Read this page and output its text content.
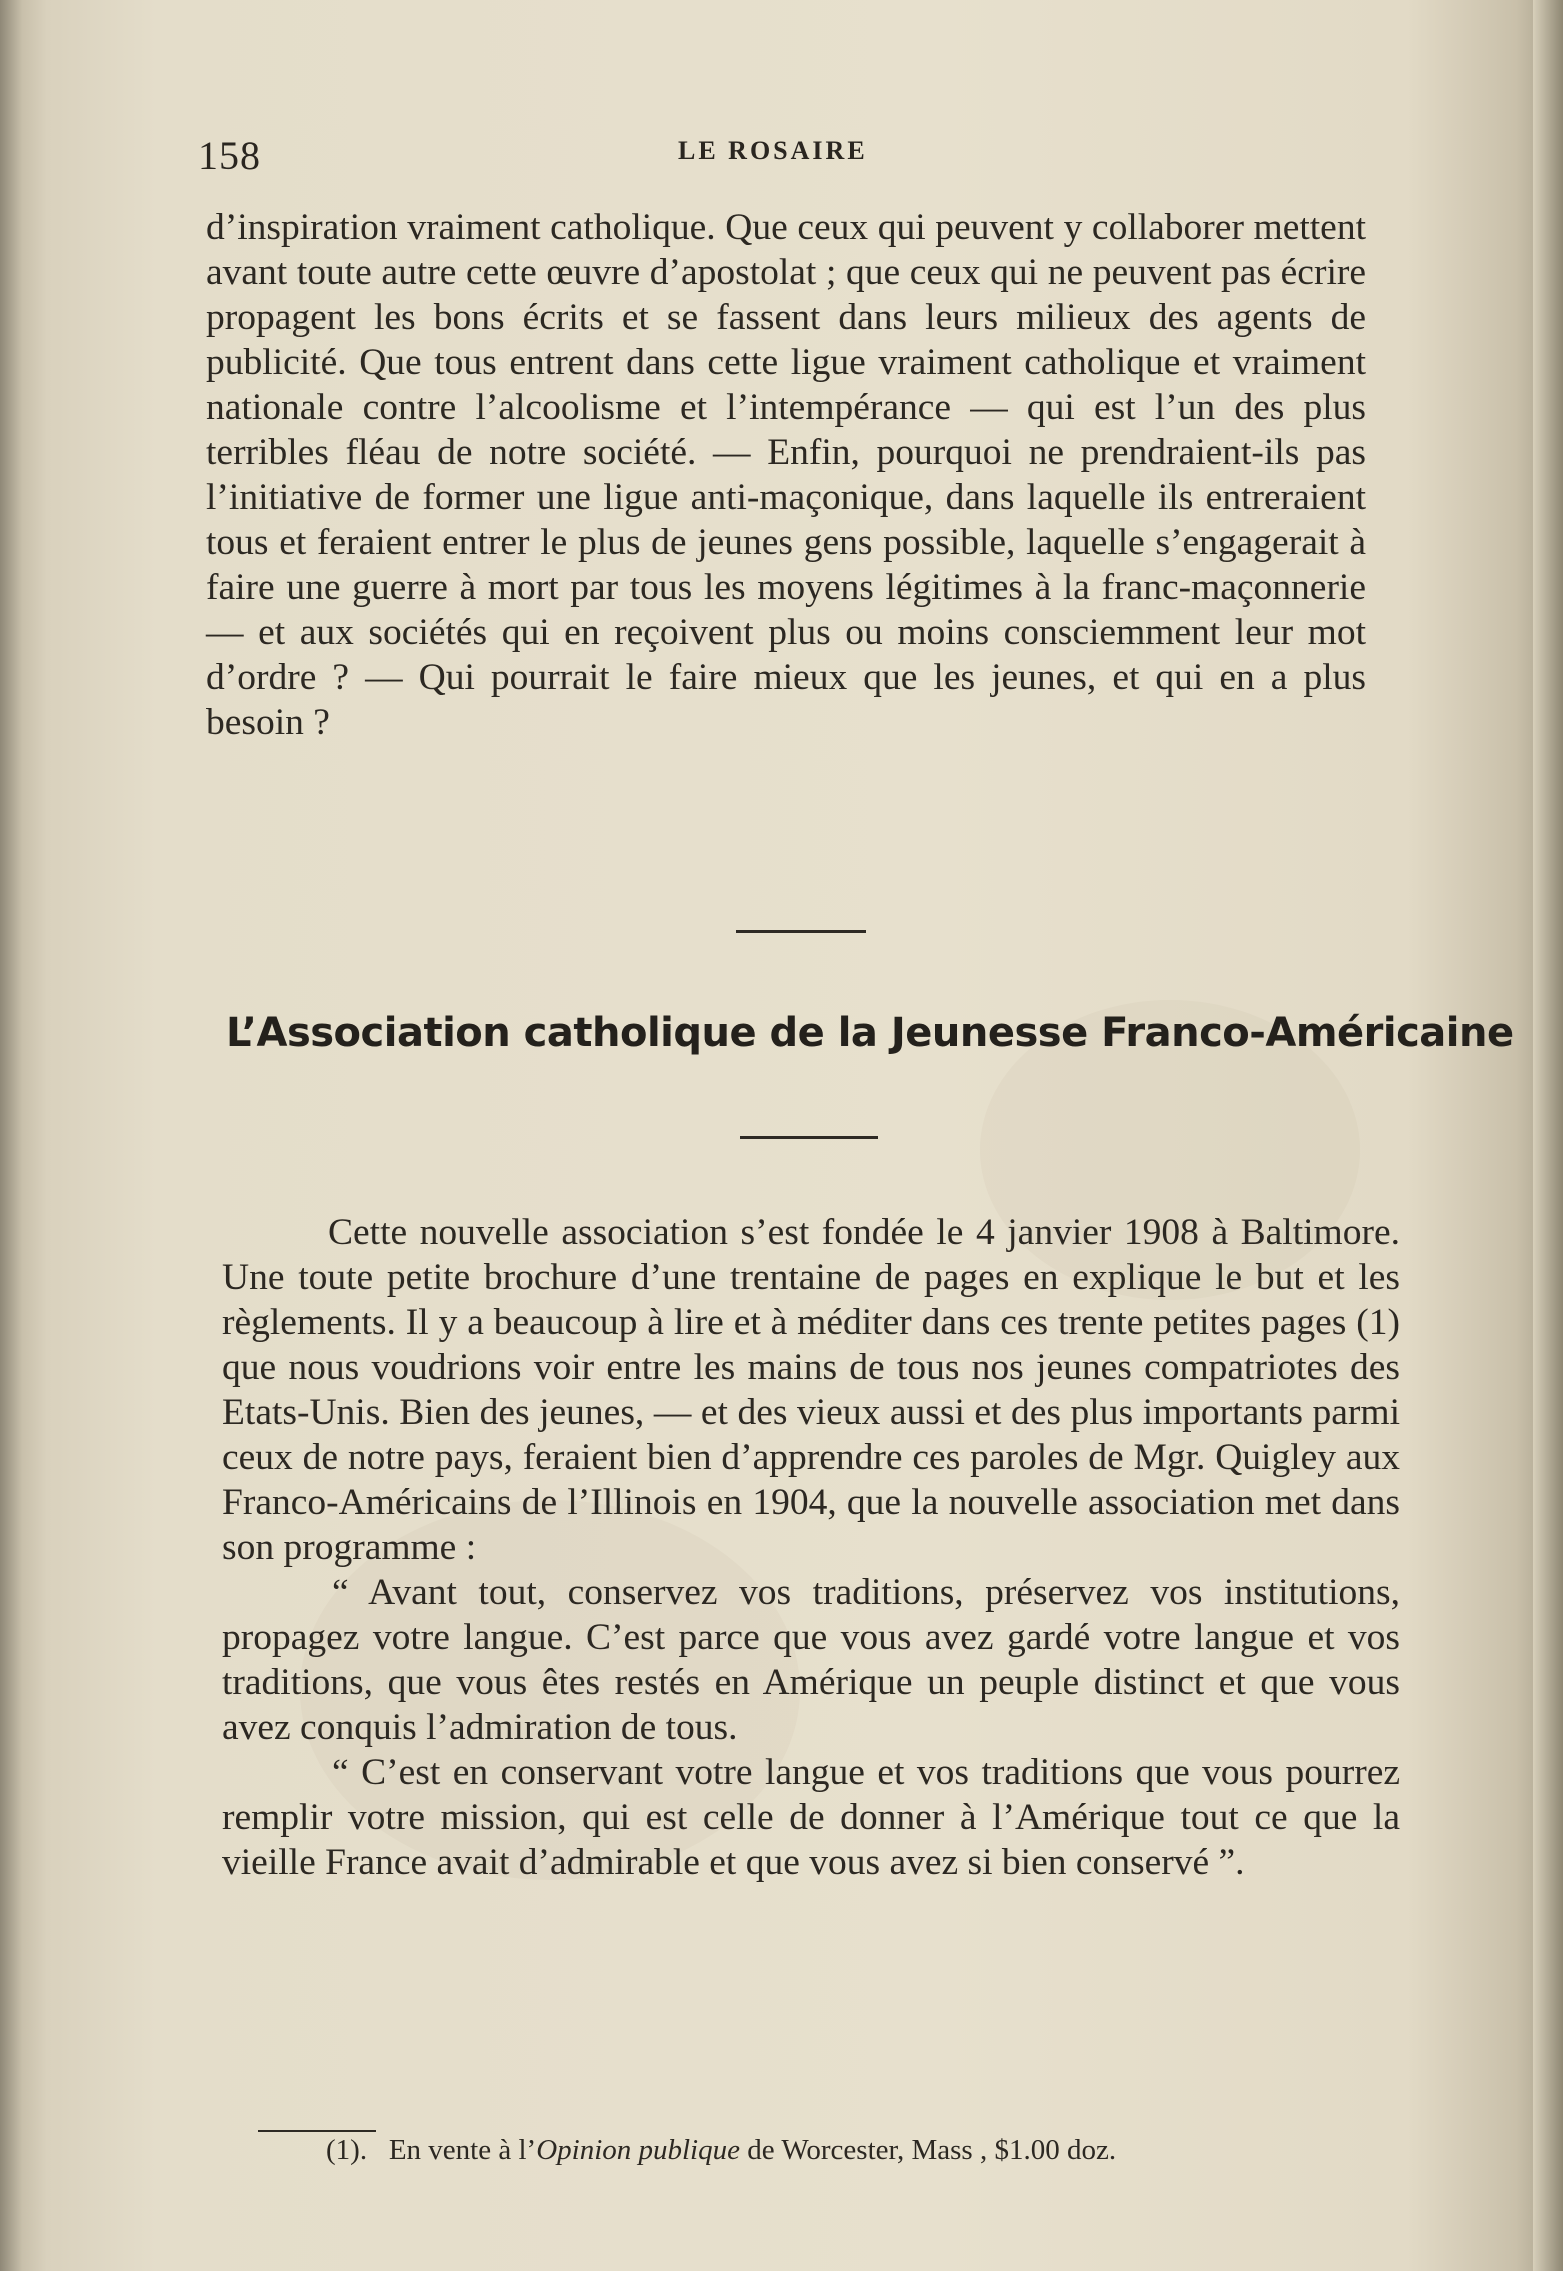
158	LE ROSAIRE

d’inspiration vraiment catholique. Que ceux qui peuvent y collaborer mettent avant toute autre cette œuvre d’apostolat ; que ceux qui ne peuvent pas écrire propagent les bons écrits et se fassent dans leurs milieux des agents de publicité. Que tous entrent dans cette ligue vraiment catholique et vraiment nationale contre l’alcoolisme et l’intempérance — qui est l’un des plus terribles fléau de notre société. — Enfin, pourquoi ne prendraient-ils pas l’initiative de former une ligue anti-maçonique, dans laquelle ils entreraient tous et feraient entrer le plus de jeunes gens possible, laquelle s’engagerait à faire une guerre à mort par tous les moyens légitimes à la franc-maçonnerie — et aux sociétés qui en reçoivent plus ou moins consciemment leur mot d’ordre ? — Qui pourrait le faire mieux que les jeunes, et qui en a plus besoin ?

L’Association catholique de la Jeunesse Franco-Américaine

Cette nouvelle association s’est fondée le 4 janvier 1908 à Baltimore. Une toute petite brochure d’une trentaine de pages en explique le but et les règlements. Il y a beaucoup à lire et à méditer dans ces trente petites pages (1) que nous voudrions voir entre les mains de tous nos jeunes compatriotes des Etats-Unis. Bien des jeunes, — et des vieux aussi et des plus importants parmi ceux de notre pays, feraient bien d’apprendre ces paroles de Mgr. Quigley aux Franco-Américains de l’Illinois en 1904, que la nouvelle association met dans son programme :

“ Avant tout, conservez vos traditions, préservez vos institutions, propagez votre langue. C’est parce que vous avez gardé votre langue et vos traditions, que vous êtes restés en Amérique un peuple distinct et que vous avez conquis l’admiration de tous.

“ C’est en conservant votre langue et vos traditions que vous pourrez remplir votre mission, qui est celle de donner à l’Amérique tout ce que la vieille France avait d’admirable et que vous avez si bien conservé ”.

(1). En vente à l’Opinion publique de Worcester, Mass , $1.00 doz.
